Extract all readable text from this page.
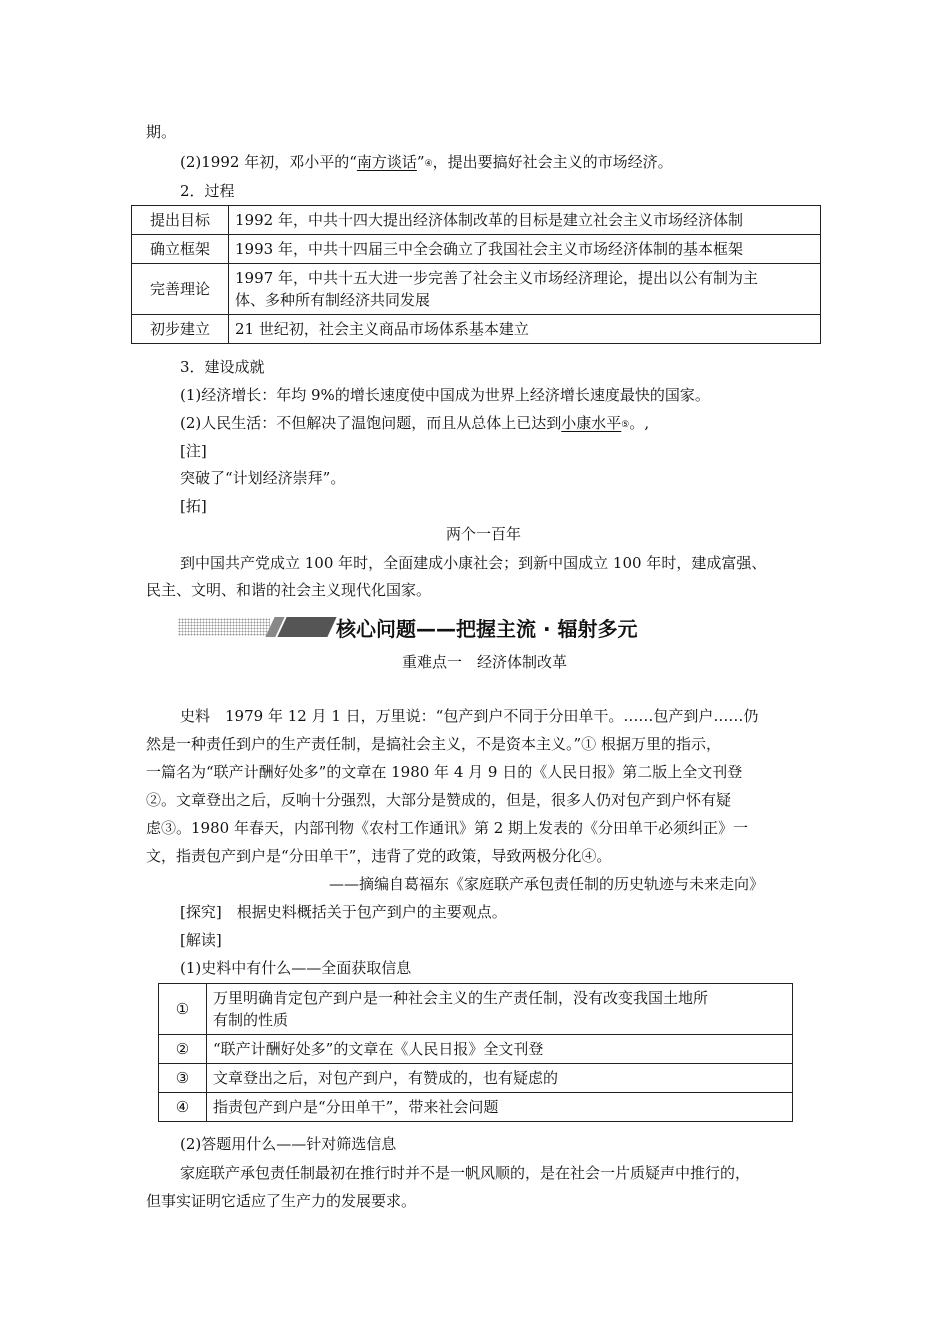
期。
(2)1992 年初，邓小平的“南方谈话”④，提出要搞好社会主义的市场经济。
2．过程
提出目标	1992 年，中共十四大提出经济体制改革的目标是建立社会主义市场经济体制
确立框架	1993 年，中共十四届三中全会确立了我国社会主义市场经济体制的基本框架
完善理论	1997 年，中共十五大进一步完善了社会主义市场经济理论，提出以公有制为主
体、多种所有制经济共同发展

初步建立	21 世纪初，社会主义商品市场体系基本建立
3．建设成就
(1)经济增长：年均 9%的增长速度使中国成为世界上经济增长速度最快的国家。
(2)人民生活：不但解决了温饱问题，而且从总体上已达到小康水平⑤。,
[注]
突破了“计划经济崇拜”。
[拓]
两个一百年
到中国共产党成立 100 年时，全面建成小康社会；到新中国成立 100 年时，建成富强、
民主、文明、和谐的社会主义现代化国家。
核心问题——把握主流 · 辐射多元
重难点一　经济体制改革
史料　1979 年 12 月 1 日，万里说：“包产到户不同于分田单干。……包产到户……仍
然是一种责任到户的生产责任制，是搞社会主义，不是资本主义。”① 根据万里的指示，
一篇名为“联产计酬好处多”的文章在 1980 年 4 月 9 日的《人民日报》第二版上全文刊登
②。文章登出之后，反响十分强烈，大部分是赞成的，但是，很多人仍对包产到户怀有疑
虑③。1980 年春天，内部刊物《农村工作通讯》第 2 期上发表的《分田单干必须纠正》一
文，指责包产到户是“分田单干”，违背了党的政策，导致两极分化④。
——摘编自葛福东《家庭联产承包责任制的历史轨迹与未来走向》
[探究]　根据史料概括关于包产到户的主要观点。
[解读]
(1)史料中有什么——全面获取信息
①	万里明确肯定包产到户是一种社会主义的生产责任制，没有改变我国土地所
有制的性质

②	“联产计酬好处多”的文章在《人民日报》全文刊登
③	文章登出之后，对包产到户，有赞成的，也有疑虑的
④	指责包产到户是“分田单干”，带来社会问题
(2)答题用什么——针对筛选信息
家庭联产承包责任制最初在推行时并不是一帆风顺的，是在社会一片质疑声中推行的，
但事实证明它适应了生产力的发展要求。
